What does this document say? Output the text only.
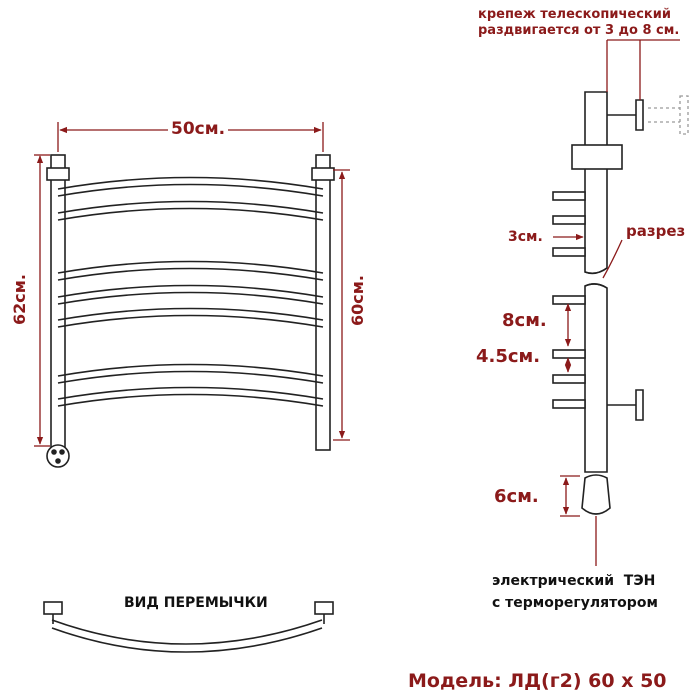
50см.
62см.	60см.
крепеж телескопический
раздвигается от 3 до 8 см.
3см.	разрез
8см.
4.5см.
6см.
электрический  ТЭН
с терморегулятором
ВИД ПЕРЕМЫЧКИ
Модель: ЛД(г2) 60 х 50
